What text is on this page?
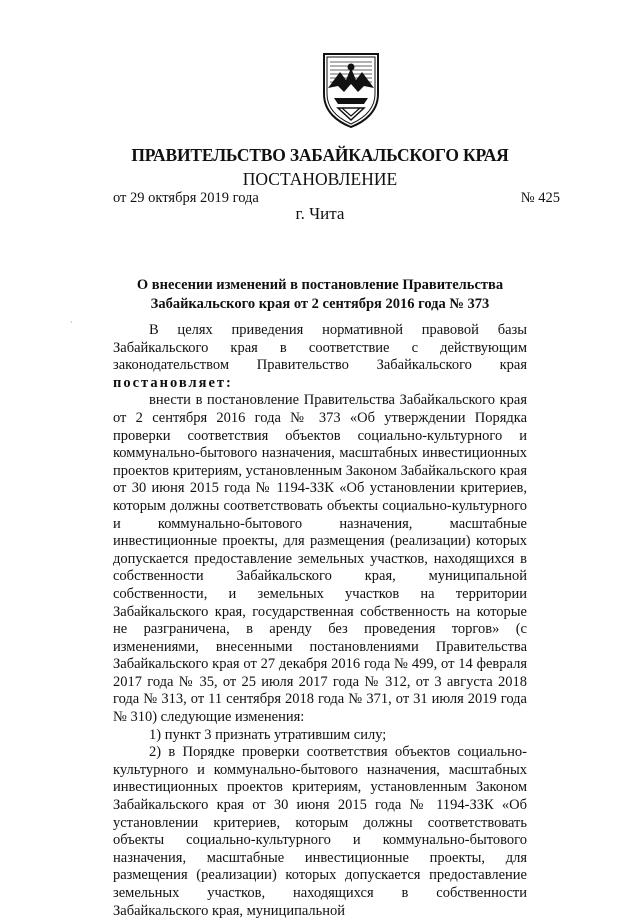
ПРАВИТЕЛЬСТВО ЗАБАЙКАЛЬСКОГО КРАЯ
ПОСТАНОВЛЕНИЕ
от 29 октября 2019 года	№ 425
г. Чита
О внесении изменений в постановление Правительства Забайкальского края от 2 сентября 2016 года № 373
·	В целях приведения нормативной правовой базы Забайкальского края в соответствие с действующим законодательством Правительство Забайкальского края постановляет:

внести в постановление Правительства Забайкальского края от 2 сентября 2016 года № 373 «Об утверждении Порядка проверки соответствия объектов социально-культурного и коммунально-бытового назначения, масштабных инвестиционных проектов критериям, установленным Законом Забайкальского края от 30 июня 2015 года № 1194-ЗЗК «Об установлении критериев, которым должны соответствовать объекты социально-культурного и коммунально-бытового назначения, масштабные инвестиционные проекты, для размещения (реализации) которых допускается предоставление земельных участков, находящихся в собственности Забайкальского края, муниципальной собственности, и земельных участков на территории Забайкальского края, государственная собственность на которые не разграничена, в аренду без проведения торгов» (с изменениями, внесенными постановлениями Правительства Забайкальского края от 27 декабря 2016 года № 499, от 14 февраля 2017 года № 35, от 25 июля 2017 года № 312, от 3 августа 2018 года № 313, от 11 сентября 2018 года № 371, от 31 июля 2019 года № 310) следующие изменения:

1) пункт 3 признать утратившим силу;

2) в Порядке проверки соответствия объектов социально-культурного и коммунально-бытового назначения, масштабных инвестиционных проектов критериям, установленным Законом Забайкальского края от 30 июня 2015 года № 1194-ЗЗК «Об установлении критериев, которым должны соответствовать объекты социально-культурного и коммунально-бытового назначения, масштабные инвестиционные проекты, для размещения (реализации) которых допускается предоставление земельных участков, находящихся в собственности Забайкальского края, муниципальной
